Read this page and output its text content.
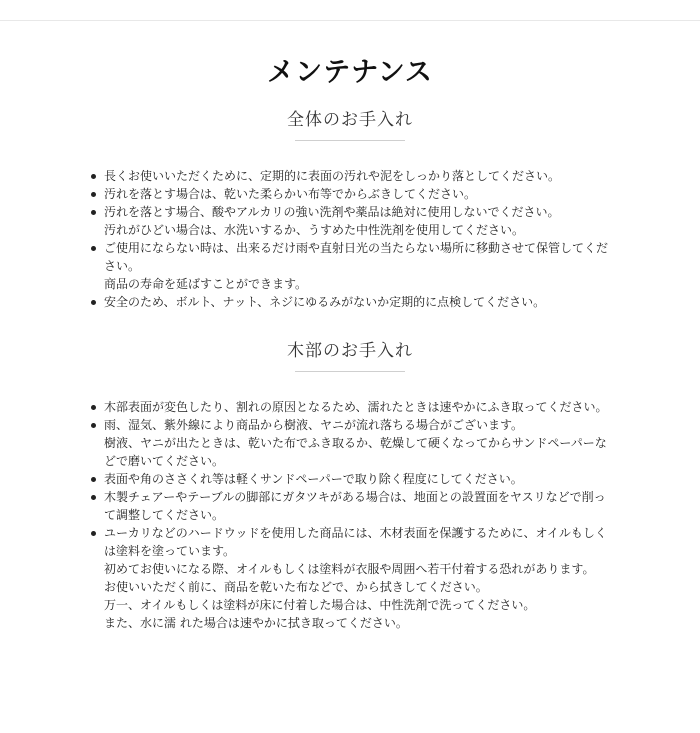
メンテナンス
全体のお手入れ
長くお使いいただくために、定期的に表面の汚れや泥をしっかり落としてください。
汚れを落とす場合は、乾いた柔らかい布等でからぶきしてください。
汚れを落とす場合、酸やアルカリの強い洗剤や薬品は絶対に使用しないでください。
汚れがひどい場合は、水洗いするか、うすめた中性洗剤を使用してください。
ご使用にならない時は、出来るだけ雨や直射日光の当たらない場所に移動させて保管してください。
商品の寿命を延ばすことができます。
安全のため、ボルト、ナット、ネジにゆるみがないか定期的に点検してください。
木部のお手入れ
木部表面が変色したり、割れの原因となるため、濡れたときは速やかにふき取ってください。
雨、湿気、紫外線により商品から樹液、ヤニが流れ落ちる場合がございます。
樹液、ヤニが出たときは、乾いた布でふき取るか、乾燥して硬くなってからサンドペーパーなどで磨いてください。
表面や角のささくれ等は軽くサンドペーパーで取り除く程度にしてください。
木製チェアーやテーブルの脚部にガタツキがある場合は、地面との設置面をヤスリなどで削って調整してください。
ユーカリなどのハードウッドを使用した商品には、木材表面を保護するために、オイルもしくは塗料を塗っています。
初めてお使いになる際、オイルもしくは塗料が衣服や周囲へ若干付着する恐れがあります。
お使いいただく前に、商品を乾いた布などで、から拭きしてください。
万一、オイルもしくは塗料が床に付着した場合は、中性洗剤で洗ってください。
また、水に濡 れた場合は速やかに拭き取ってください。
